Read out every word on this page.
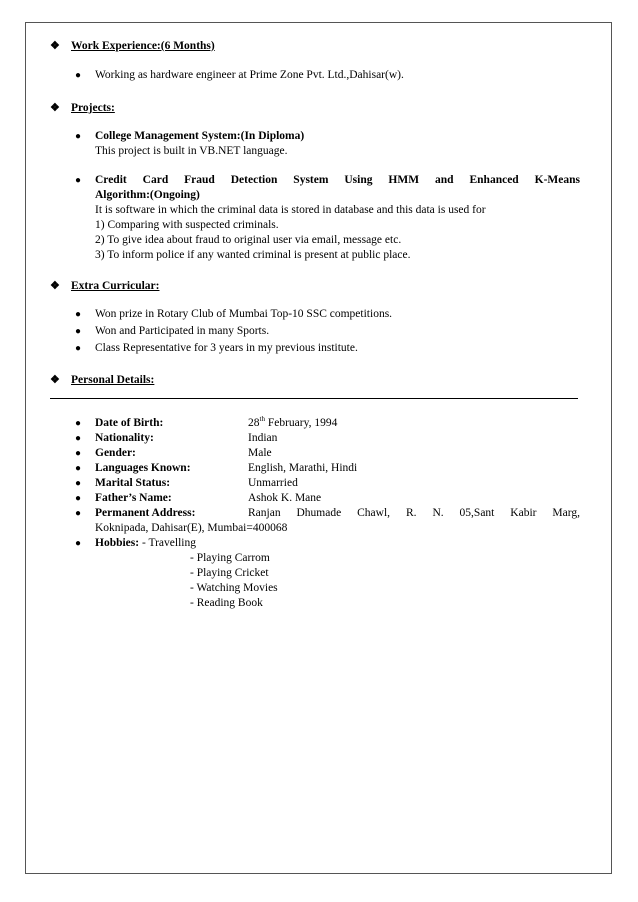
❖ Work Experience:(6 Months)
● Working as hardware engineer at Prime Zone Pvt. Ltd.,Dahisar(w).
❖ Projects:
● College Management System:(In Diploma)
This project is built in VB.NET language.
● Credit Card Fraud Detection System Using HMM and Enhanced K-Means
Algorithm:(Ongoing)
It is software in which the criminal data is stored in database and this data is used for
1) Comparing with suspected criminals.
2) To give idea about fraud to original user via email, message etc.
3) To inform police if any wanted criminal is present at public place.
❖ Extra Curricular:
● Won prize in Rotary Club of Mumbai Top-10 SSC competitions.
● Won and Participated in many Sports.
● Class Representative for 3 years in my previous institute.
❖ Personal Details:
● Date of Birth:	28th February, 1994
● Nationality:	Indian
● Gender:	Male
● Languages Known:	English, Marathi, Hindi
● Marital Status:	Unmarried
● Father’s Name:	Ashok K. Mane
● Permanent Address:	Ranjan Dhumade Chawl, R. N. 05,Sant Kabir Marg,
Koknipada, Dahisar(E), Mumbai=400068
● Hobbies: - Travelling
- Playing Carrom
- Playing Cricket
- Watching Movies
- Reading Book
